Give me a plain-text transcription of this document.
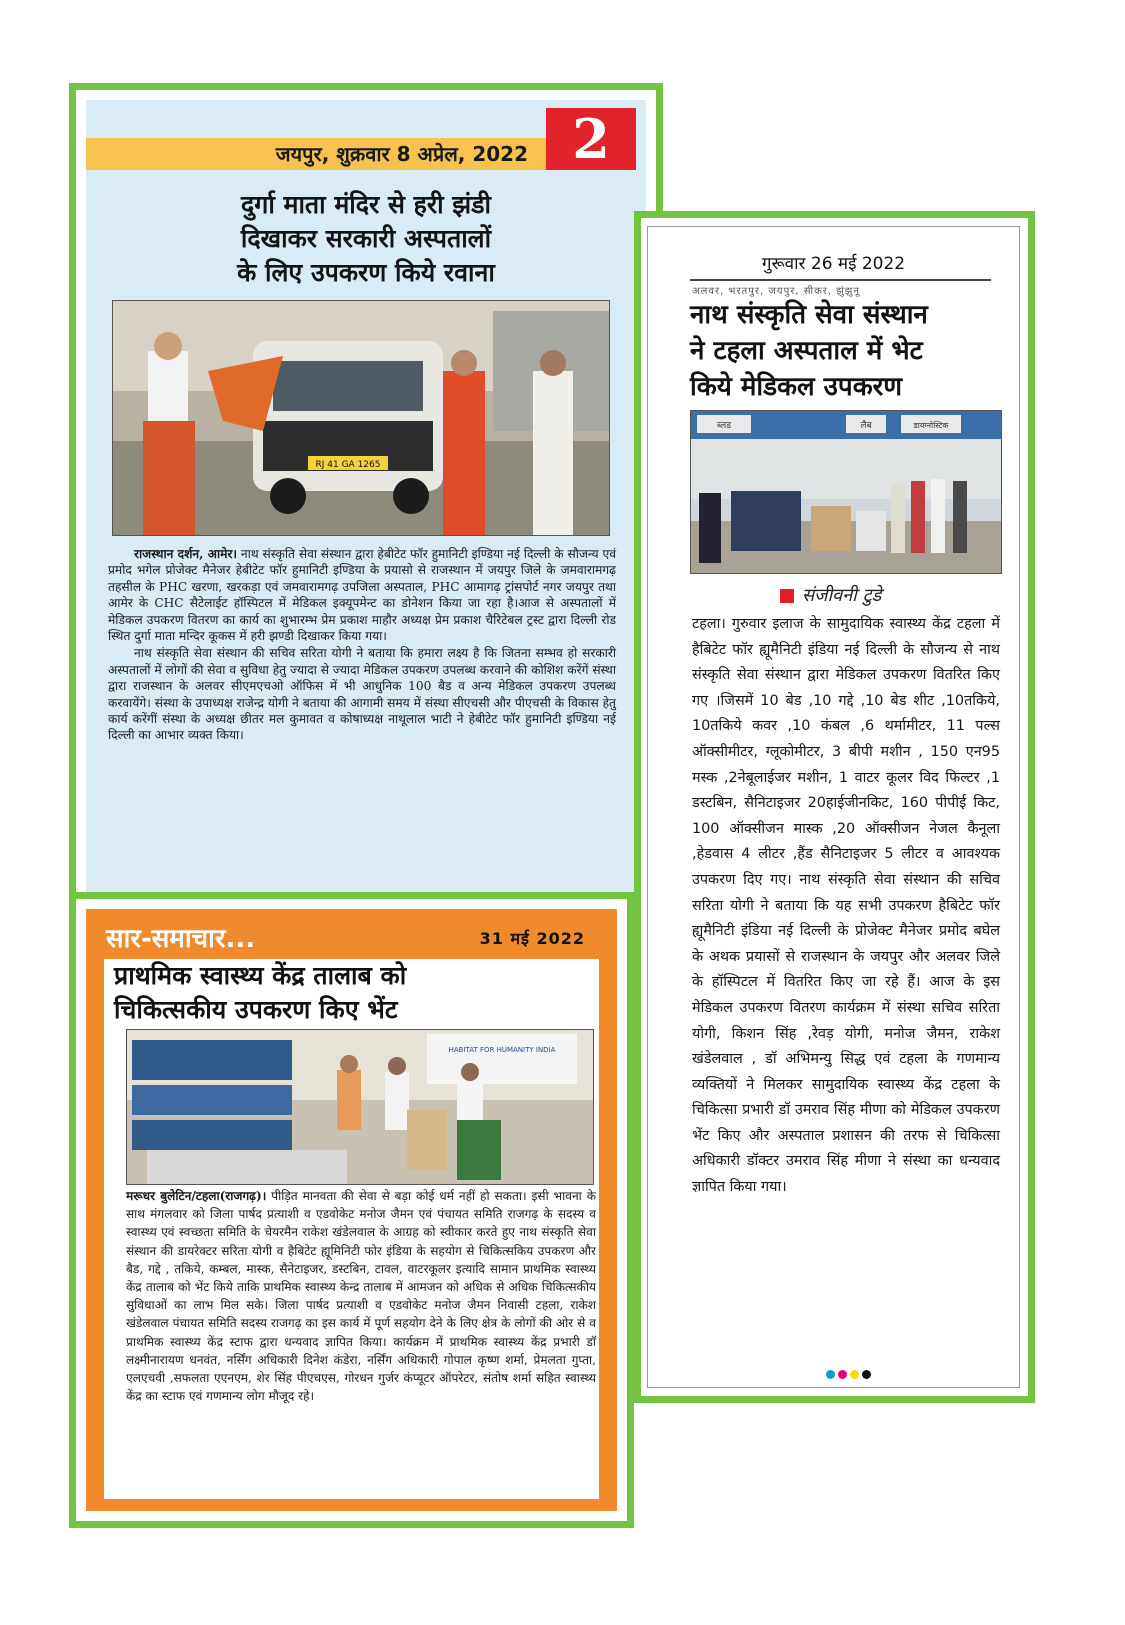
जयपुर, शुक्रवार 8 अप्रेल, 2022 2
दुर्गा माता मंदिर से हरी झंडी
दिखाकर सरकारी अस्पतालों
के लिए उपकरण किये रवाना
RJ 41 GA 1265

राजस्थान दर्शन, आमेर। नाथ संस्कृति सेवा संस्थान द्वारा हेबीटेट फॉर हुमानिटी इण्डिया नई दिल्ली के सौजन्य एवं प्रमोद भगेल प्रोजेक्ट मैनेजर हेबीटेट फॉर हुमानिटी इण्डिया के प्रयासो से राजस्थान में जयपुर जिले के जमवारामगढ़ तहसील के PHC खरणा, खरकड़ा एवं जमवारामगढ़ उपजिला अस्पताल, PHC आमागढ़ ट्रांसपोर्ट नगर जयपुर तथा आमेर के CHC सैटेलाईट हॉस्पिटल में मेडिकल इक्यूपमेन्ट का डोनेशन किया जा रहा है।आज से अस्पतालों में मेडिकल उपकरण वितरण का कार्य का शुभारम्भ प्रेम प्रकाश माहौर अध्यक्ष प्रेम प्रकाश चैरिटेबल ट्रस्ट द्वारा दिल्ली रोड स्थित दुर्गा माता मन्दिर कूकस में हरी झण्डी दिखाकर किया गया।

नाथ संस्कृति सेवा संस्थान की सचिव सरिता योगी ने बताया कि हमारा लक्ष्य है कि जितना सम्भव हो सरकारी अस्पतालों में लोगों की सेवा व सुविधा हेतु ज्यादा से ज्यादा मेडिकल उपकरण उपलब्ध करवाने की कोशिश करेंगें संस्था द्वारा राजस्थान के अलवर सीएमएचओ ऑफिस में भी आधुनिक 100 बैड व अन्य मेडिकल उपकरण उपलब्ध करवायेंगे। संस्था के उपाध्यक्ष राजेन्द्र योगी ने बताया की आगामी समय में संस्था सीएचसी और पीएचसी के विकास हेतु कार्य करेंगीं संस्था के अध्यक्ष छीतर मल कुमावत व कोषाध्यक्ष नाथूलाल भाटी ने हेबीटेट फॉर हुमानिटी इण्डिया नई दिल्ली का आभार व्यक्त किया।

गुरूवार 26 मई 2022
अलवर, भरतपुर, जयपुर, सीकर, झुंझुनू
नाथ संस्कृति सेवा संस्थान
ने टहला अस्पताल में भेट
किये मेडिकल उपकरण
ब्लड	लैब	डायग्नोस्टिक
संजीवनी टुडे
टहला। गुरुवार इलाज के सामुदायिक स्वास्थ्य केंद्र टहला में हैबिटेट फॉर ह्यूमैनिटी इंडिया नई दिल्ली के सौजन्य से नाथ संस्कृति सेवा संस्थान द्वारा मेडिकल उपकरण वितरित किए गए ।जिसमें 10 बेड ,10 गद्दे ,10 बेड शीट ,10तकिये, 10तकिये कवर ,10 कंबल ,6 थर्मामीटर, 11 पल्स ऑक्सीमीटर, ग्लूकोमीटर, 3 बीपी मशीन , 150 एन95 मस्क ,2नेबूलाईजर मशीन, 1 वाटर कूलर विद फिल्टर ,1 डस्टबिन, सैनिटाइजर 20हाईजीनकिट, 160 पीपीई किट, 100 ऑक्सीजन मास्क ,20 ऑक्सीजन नेजल कैनूला ,हेडवास 4 लीटर ,हैंड सैनिटाइजर 5 लीटर व आवश्यक उपकरण दिए गए। नाथ संस्कृति सेवा संस्थान की सचिव सरिता योगी ने बताया कि यह सभी उपकरण हैबिटेट फॉर ह्यूमैनिटी इंडिया नई दिल्ली के प्रोजेक्ट मैनेजर प्रमोद बघेल के अथक प्रयासों से राजस्थान के जयपुर और अलवर जिले के हॉस्पिटल में वितरित किए जा रहे हैं। आज के इस मेडिकल उपकरण वितरण कार्यक्रम में संस्था सचिव सरिता योगी, किशन सिंह ,रेवड़ योगी, मनोज जैमन, राकेश खंडेलवाल , डॉ अभिमन्यु सिद्ध एवं टहला के गणमान्य व्यक्तियों ने मिलकर सामुदायिक स्वास्थ्य केंद्र टहला के चिकित्सा प्रभारी डॉ उमराव सिंह मीणा को मेडिकल उपकरण भेंट किए और अस्पताल प्रशासन की तरफ से चिकित्सा अधिकारी डॉक्टर उमराव सिंह मीणा ने संस्था का धन्यवाद ज्ञापित किया गया।
सार-समाचार...	31 मई 2022
प्राथमिक स्वास्थ्य केंद्र तालाब को
चिकित्सकीय उपकरण किए भेंट
HABITAT FOR HUMANITY INDIA
मरूधर बुलेटिन/टहला(राजगढ़)। पीड़ित मानवता की सेवा से बड़ा कोई धर्म नहीं हो सकता। इसी भावना के साथ मंगलवार को जिला पार्षद प्रत्याशी व एडवोकेट मनोज जैमन एवं पंचायत समिति राजगढ़ के सदस्य व स्वास्थ्य एवं स्वच्छता समिति के चेयरमैन राकेश खंडेलवाल के आग्रह को स्वीकार करते हुए नाथ संस्कृति सेवा संस्थान की डायरेक्टर सरिता योगी व हैबिटेट ह्यूमिनिटी फोर इंडिया के सहयोग से चिकित्सकिय उपकरण और बैड, गद्दे , तकिये, कम्बल, मास्क, सैनेटाइजर, डस्टबिन, टावल, वाटरकूलर इत्यादि सामान प्राथमिक स्वास्थ्य केंद्र तालाब को भेंट किये ताकि प्राथमिक स्वास्थ्य केन्द्र तालाब में आमजन को अधिक से अधिक चिकित्सकीय सुविधाओं का लाभ मिल सके। जिला पार्षद प्रत्याशी व एडवोकेट मनोज जैमन निवासी टहला, राकेश खंडेलवाल पंचायत समिति सदस्य राजगढ़ का इस कार्य में पूर्ण सहयोग देने के लिए क्षेत्र के लोगों की ओर से व प्राथमिक स्वास्थ्य केंद्र स्टाफ द्वारा धन्यवाद ज्ञापित किया। कार्यक्रम में प्राथमिक स्वास्थ्य केंद्र प्रभारी डॉ लक्ष्मीनारायण धनवंत, नर्सिंग अधिकारी दिनेश कंडेरा, नर्सिंग अधिकारी गोपाल कृष्ण शर्मा, प्रेमलता गुप्ता, एलएचवी ,सफलता एएनएम, शेर सिंह पीएचएस, गोरधन गुर्जर कंप्यूटर ऑपरेटर, संतोष शर्मा सहित स्वास्थ्य केंद्र का स्टाफ एवं गणमान्य लोग मौजूद रहे।
